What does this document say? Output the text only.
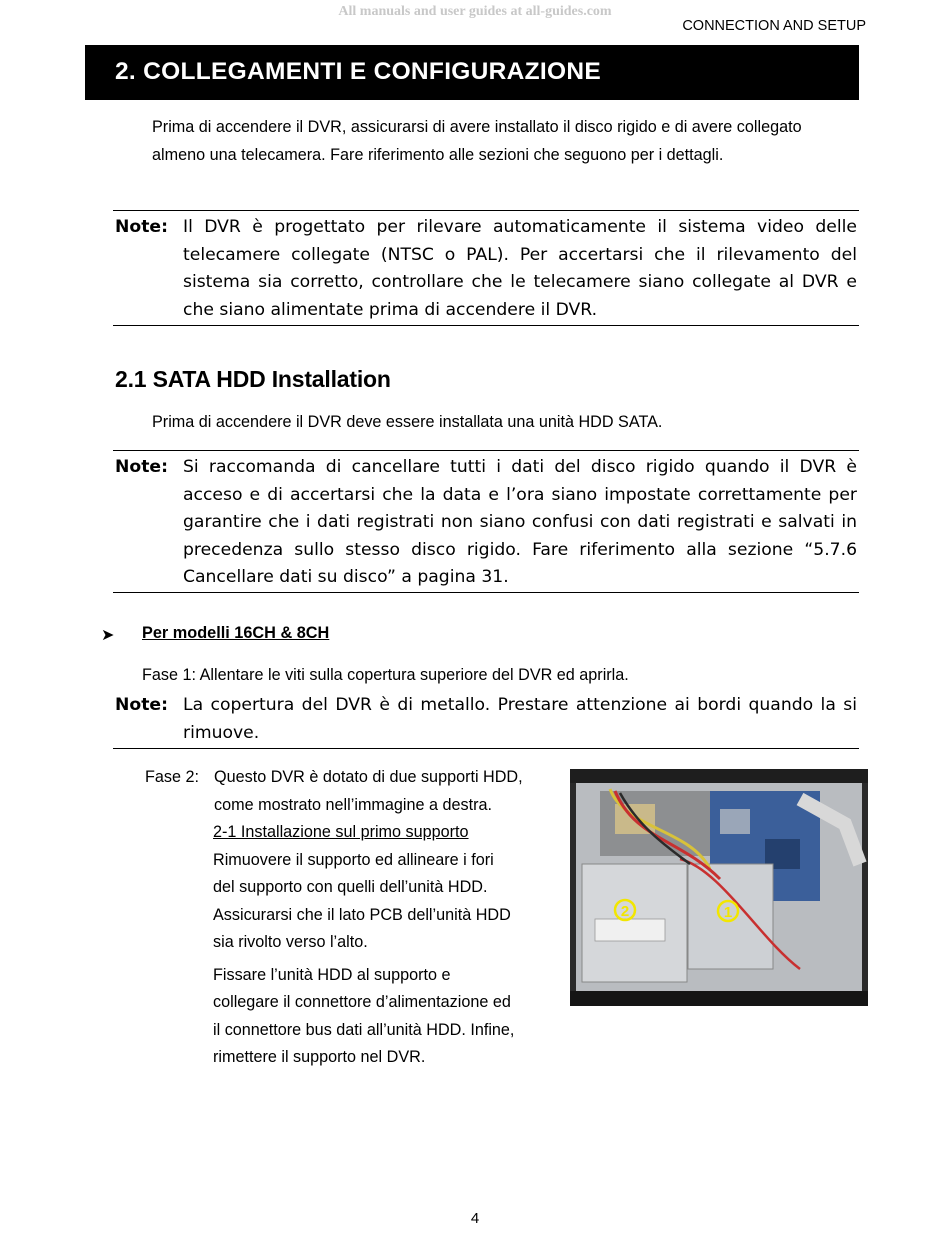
All manuals and user guides at all-guides.com
CONNECTION AND SETUP
2. COLLEGAMENTI E CONFIGURAZIONE
Prima di accendere il DVR, assicurarsi di avere installato il disco rigido e di avere collegato almeno una telecamera. Fare riferimento alle sezioni che seguono per i dettagli.
Note: Il DVR è progettato per rilevare automaticamente il sistema video delle telecamere collegate (NTSC o PAL). Per accertarsi che il rilevamento del sistema sia corretto, controllare che le telecamere siano collegate al DVR e che siano alimentate prima di accendere il DVR.
2.1 SATA HDD Installation
Prima di accendere il DVR deve essere installata una unità HDD SATA.
Note: Si raccomanda di cancellare tutti i dati del disco rigido quando il DVR è acceso e di accertarsi che la data e l’ora siano impostate correttamente per garantire che i dati registrati non siano confusi con dati registrati e salvati in precedenza sullo stesso disco rigido. Fare riferimento alla sezione “5.7.6 Cancellare dati su disco” a pagina 31.
➤ Per modelli 16CH & 8CH
Fase 1: Allentare le viti sulla copertura superiore del DVR ed aprirla.
Note: La copertura del DVR è di metallo. Prestare attenzione ai bordi quando la si rimuove.
Fase 2: Questo DVR è dotato di due supporti HDD,
come mostrato nell’immagine a destra.
2-1 Installazione sul primo supporto
Rimuovere il supporto ed allineare i fori
del supporto con quelli dell’unità HDD.
Assicurarsi che il lato PCB dell’unità HDD
sia rivolto verso l’alto.
Fissare l’unità HDD al supporto e
collegare il connettore d’alimentazione ed
il connettore bus dati all’unità HDD. Infine,
rimettere il supporto nel DVR.
2	1
4
